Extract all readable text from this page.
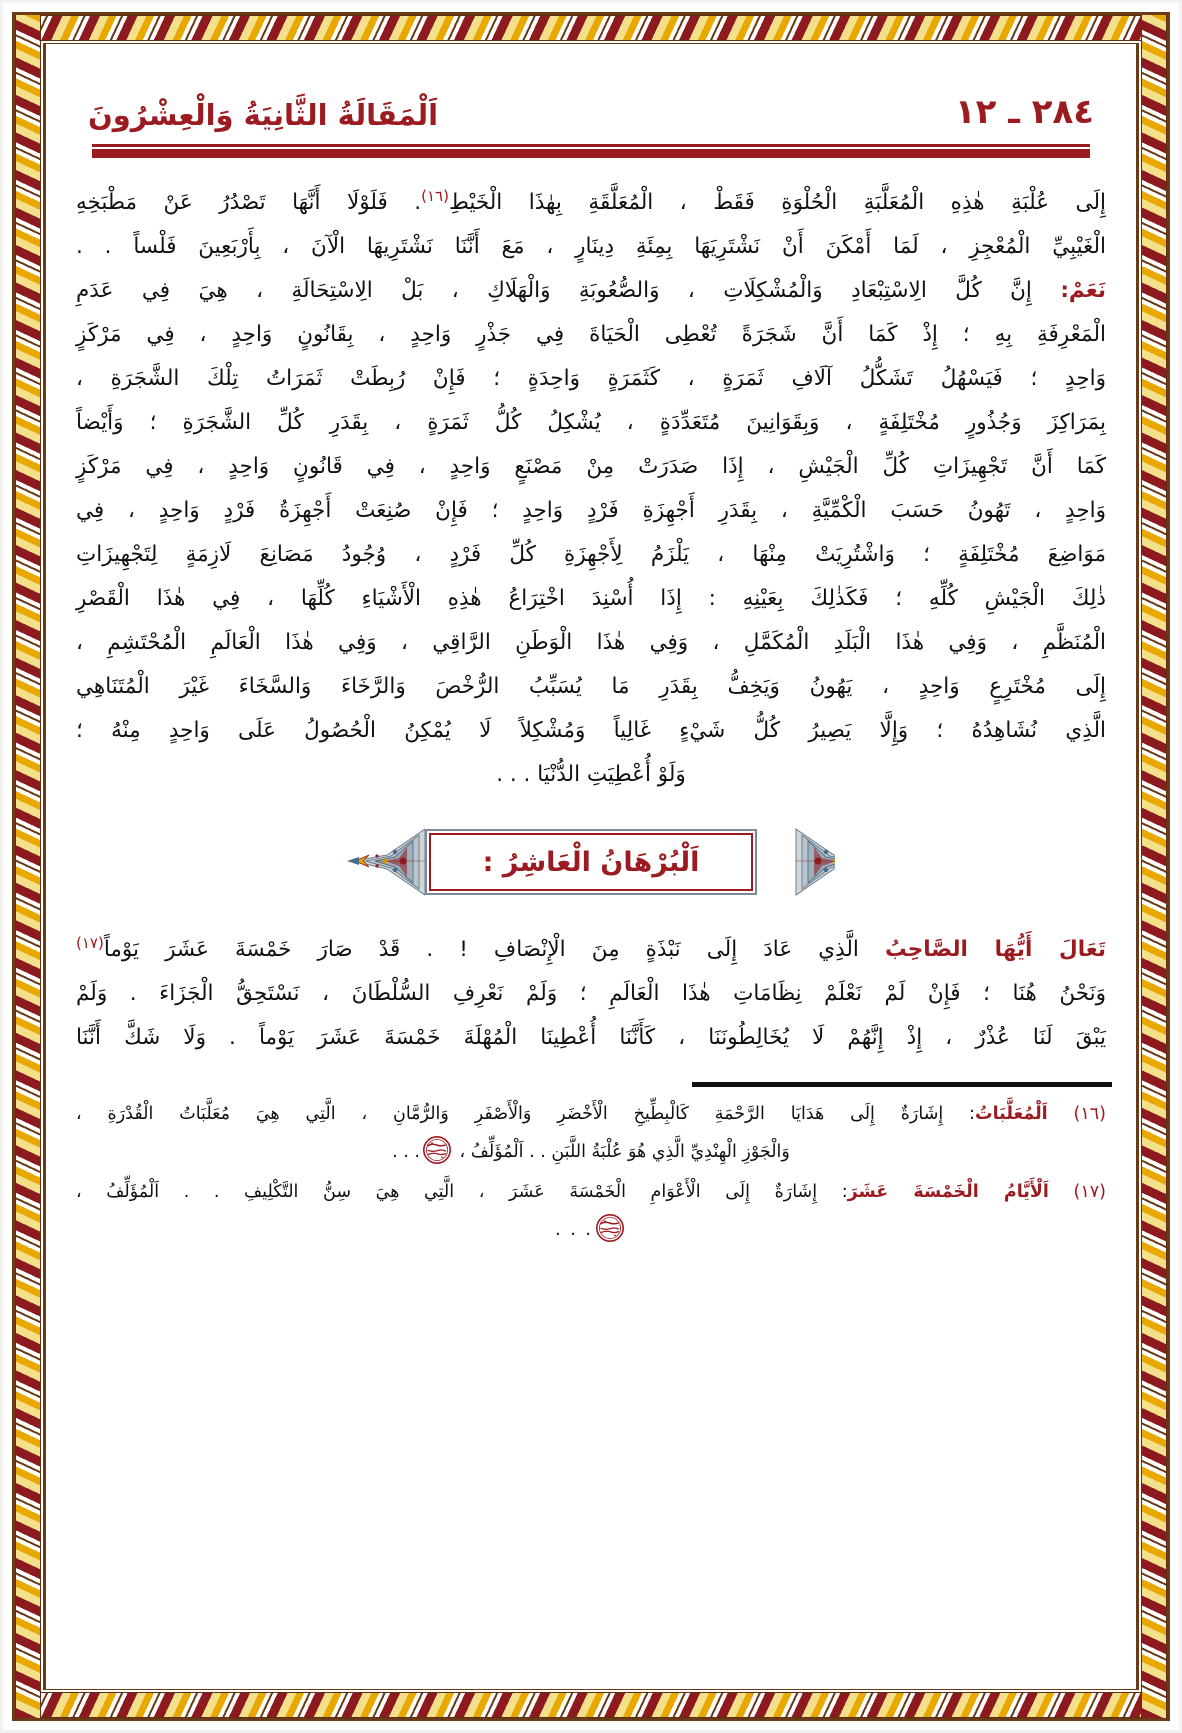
٢٨٤ ـ ١٢
اَلْمَقَالَةُ الثَّانِيَةُ وَالْعِشْرُونَ

إِلَى عُلْبَةِ هٰذِهِ الْمُعَلَّبَةِ الْحُلْوَةِ فَقَطْ ، الْمُعَلَّقَةِ بِهٰذَا الْخَيْطِ$^{(١٦)}$. فَلَوْلَا أَنَّهَا تَصْدُرُ عَنْ مَطْبَخِهِ
الْغَيْبِيِّ الْمُعْجِزِ ، لَمَا أَمْكَنَ أَنْ نَشْتَرِيَهَا بِمِئَةِ دِينَارٍ ، مَعَ أَنَّنَا نَشْتَرِيهَا الْآنَ ، بِأَرْبَعِينَ فَلْساً . .

نَعَمْ: إِنَّ كُلَّ الِاسْتِبْعَادِ وَالْمُشْكِلَاتِ ، وَالصُّعُوبَةِ وَالْهَلَاكِ ، بَلْ الِاسْتِحَالَةِ ، هِيَ فِي عَدَمِ
الْمَعْرِفَةِ بِهِ ؛ إِذْ كَمَا أَنَّ شَجَرَةً تُعْطِى الْحَيَاةَ فِي جَذْرٍ وَاحِدٍ ، بِقَانُونٍ وَاحِدٍ ، فِي مَرْكَزٍ
وَاحِدٍ ؛ فَيَسْهُلُ تَشَكُّلُ آلَافِ ثَمَرَةٍ ، كَثَمَرَةٍ وَاحِدَةٍ ؛ فَإِنْ رُبِطَتْ ثَمَرَاتُ تِلْكَ الشَّجَرَةِ ،
بِمَرَاكِزَ وَجُذُورٍ مُخْتَلِفَةٍ ، وَبِقَوَانِينَ مُتَعَدِّدَةٍ ، يُشْكِلُ كُلُّ ثَمَرَةٍ ، بِقَدَرِ كُلِّ الشَّجَرَةِ ؛ وَأَيْضاً
كَمَا أَنَّ تَجْهِيزَاتِ كُلِّ الْجَيْشِ ، إِذَا صَدَرَتْ مِنْ مَصْنَعٍ وَاحِدٍ ، فِي قَانُونٍ وَاحِدٍ ، فِي مَرْكَزٍ
وَاحِدٍ ، تَهُونُ حَسَبَ الْكْمِّيَّةِ ، بِقَدَرِ أَجْهِزَةِ فَرْدٍ وَاحِدٍ ؛ فَإِنْ صُنِعَتْ أَجْهِزَةُ فَرْدٍ وَاحِدٍ ، فِي
مَوَاضِعَ مُخْتَلِفَةٍ ؛ وَاشْتُرِيَتْ مِنْهَا ، يَلْزَمُ لِأَجْهِزَةِ كُلِّ فَرْدٍ ، وُجُودُ مَصَانِعَ لَازِمَةٍ لِتَجْهِيزَاتِ
ذٰلِكَ الْجَيْشِ كُلِّهِ ؛ فَكَذٰلِكَ بِعَيْنِهِ : إِذَا أُسْنِدَ اخْتِرَاعُ هٰذِهِ الْأَشْيَاءِ كُلِّهَا ، فِي هٰذَا الْقَصْرِ
الْمُنَظَّمِ ، وَفِي هٰذَا الْبَلَدِ الْمُكَمَّلِ ، وَفِي هٰذَا الْوَطَنِ الرَّاقِي ، وَفِي هٰذَا الْعَالَمِ الْمُحْتَشِمِ ،
إِلَى مُخْتَرِعٍ وَاحِدٍ ، يَهُونُ وَيَخِفُّ بِقَدَرِ مَا يُسَبِّبُ الرُّخْصَ وَالرَّخَاءَ وَالسَّخَاءَ غَيْرَ الْمُتَنَاهِي
الَّذِي نُشَاهِدُهُ ؛ وَإِلَّا يَصِيرُ كُلُّ شَيْءٍ غَالِياً وَمُشْكِلاً لَا يُمْكِنُ الْحُصُولُ عَلَى وَاحِدٍ مِنْهُ ؛
وَلَوْ أُعْطِيَتِ الدُّنْيَا . . .

اَلْبُرْهَانُ الْعَاشِرُ :

تَعَالَ أَيُّهَا الصَّاحِبُ الَّذِي عَادَ إِلَى نَبْذَةٍ مِنَ الْإِنْصَافِ ! . قَدْ صَارَ خَمْسَةَ عَشَرَ يَوْماً$^{(١٧)}$
وَنَحْنُ هُنَا ؛ فَإِنْ لَمْ نَعْلَمْ نِظَامَاتِ هٰذَا الْعَالَمِ ؛ وَلَمْ نَعْرِفِ السُّلْطَانَ ، نَسْتَحِقُّ الْجَزَاءَ . وَلَمْ
يَبْقَ لَنَا عُذْرٌ ، إِذْ إِنَّهُمْ لَا يُخَالِطُونَنَا ، كَأَنَّنَا أُعْطِينَا الْمُهْلَةَ خَمْسَةَ عَشَرَ يَوْماً . وَلَا شَكَّ أَنَّنَا

(١٦) اَلْمُعَلَّبَاتُ: إِشَارَةٌ إِلَى هَدَايَا الرَّحْمَةِ كَالْبِطِّيخِ الْأَخْضَرِ وَالْأَصْفَرِ وَالرُّمَّانِ ، الَّتِي هِيَ مُعَلَّبَاتُ الْقُدْرَةِ ،
وَالْجَوْزِ الْهِنْدِيِّ الَّذِي هُوَ عُلْبَةُ اللَّبَنِ . . اَلْمُؤَلِّفُ ، . . .
(١٧) اَلْأَيَّامُ الْخَمْسَةَ عَشَرَ: إِشَارَةٌ إِلَى الْأَعْوَامِ الْخَمْسَةَ عَشَرَ ، الَّتِي هِيَ سِنُّ التَّكْلِيفِ . . اَلْمُؤَلِّفُ ،
. . .
